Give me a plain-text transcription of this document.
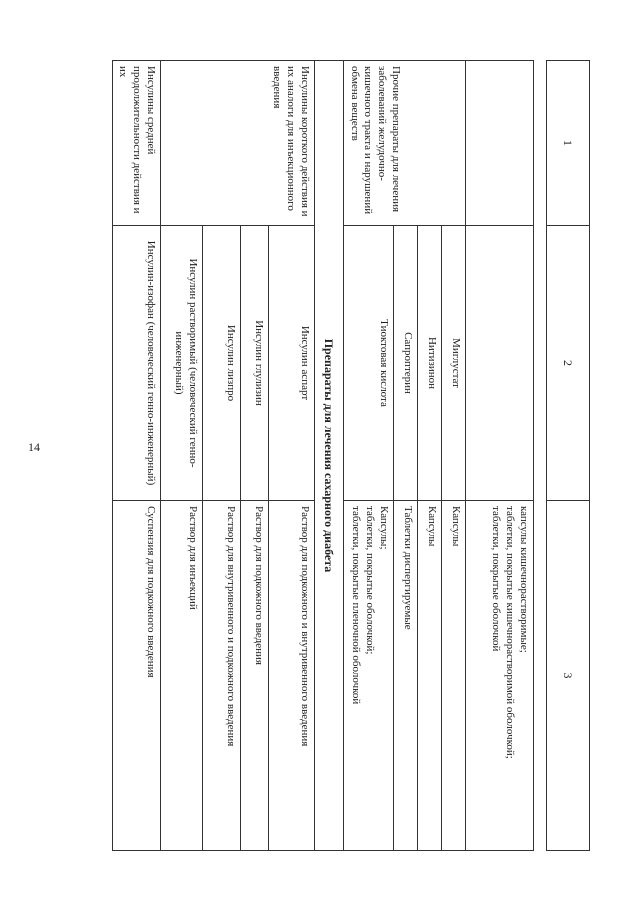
14
1	2	3

		капсулы кишечнорастворимые;
таблетки, покрытые кишечнорастворимой оболочкой;
таблетки, покрытые оболочкой

Прочие препараты для лечения заболеваний желудочно-кишечного тракта и нарушений обмена веществ	Миглустат	Капсулы
	Нитизинон	Капсулы
	Сапроптерин	Таблетки диспергируемые
	Тиоктовая кислота	Капсулы;
таблетки, покрытые оболочкой;
таблетки, покрытые пленочной оболочкой

Препараты для лечения сахарного диабета		
Инсулины короткого действия и их аналоги для инъекционного введения	Инсулин аспарт	Раствор для подкожного и внутривенного введения
	Инсулин глулизин	Раствор для подкожного введения
	Инсулин лизпро	Раствор для внутривенного и подкожного введения
	Инсулин растворимый (человеческий генно-инженерный)	Раствор для инъекций
Инсулины средней продолжительности действия и их	Инсулин-изофан (человеческий генно-инженерный)	Суспензия для подкожного введения
